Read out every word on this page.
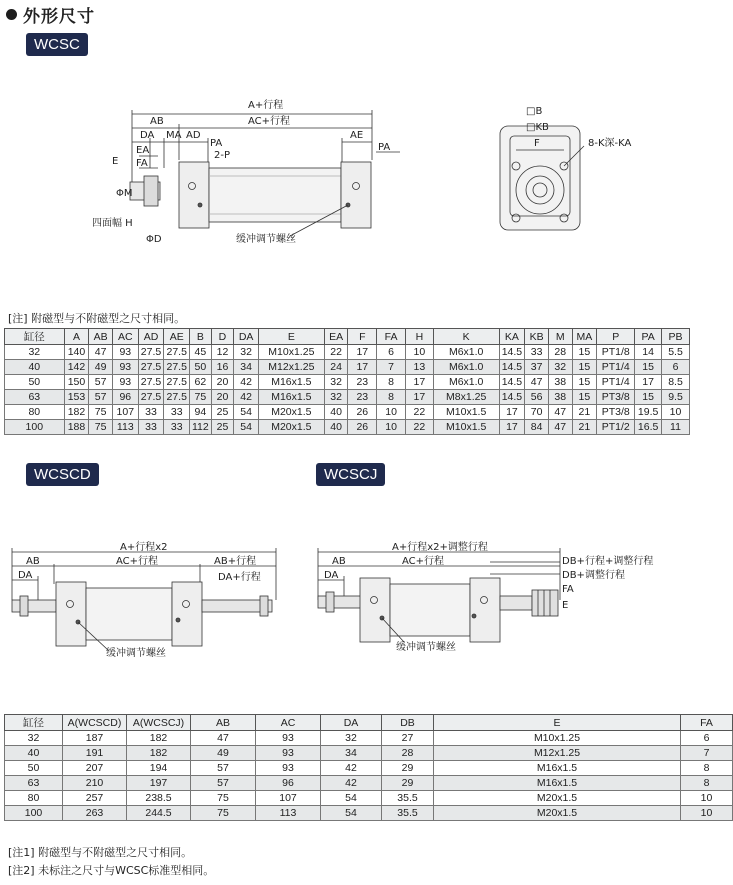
外形尺寸
WCSC
A+行程
AC+行程
AB
DA MA AD	AE
EA
FA
E
PA
2-P
PA
ΦM
ΦD
四面幅 H
缓冲调节螺丝
□B
□KB
F	8-K深-KA
[注] 附磁型与不附磁型之尺寸相同。
缸径	A	AB	AC	AD	AE	B	D	DA	E	EA	F	FA	H	K	KA	KB	M	MA	P	PA	PB
32	140	47	93	27.5	27.5	45	12	32	M10x1.25	22	17	6	10	M6x1.0	14.5	33	28	15	PT1/8	14	5.5
40	142	49	93	27.5	27.5	50	16	34	M12x1.25	24	17	7	13	M6x1.0	14.5	37	32	15	PT1/4	15	6
50	150	57	93	27.5	27.5	62	20	42	M16x1.5	32	23	8	17	M6x1.0	14.5	47	38	15	PT1/4	17	8.5
63	153	57	96	27.5	27.5	75	20	42	M16x1.5	32	23	8	17	M8x1.25	14.5	56	38	15	PT3/8	15	9.5
80	182	75	107	33	33	94	25	54	M20x1.5	40	26	10	22	M10x1.5	17	70	47	21	PT3/8	19.5	10
100	188	75	113	33	33	112	25	54	M20x1.5	40	26	10	22	M10x1.5	17	84	47	21	PT1/2	16.5	11
WCSCD	WCSCJ
A+行程x2
AC+行程
AB
DA
AB+行程
DA+行程
缓冲调节螺丝
A+行程x2+调整行程
AC+行程
AB
DA
DB+行程+调整行程
DB+调整行程
FA
E
缓冲调节螺丝
缸径	A(WCSCD)	A(WCSCJ)	AB	AC	DA	DB	E	FA
32	187	182	47	93	32	27	M10x1.25	6
40	191	182	49	93	34	28	M12x1.25	7
50	207	194	57	93	42	29	M16x1.5	8
63	210	197	57	96	42	29	M16x1.5	8
80	257	238.5	75	107	54	35.5	M20x1.5	10
100	263	244.5	75	113	54	35.5	M20x1.5	10
[注1] 附磁型与不附磁型之尺寸相同。
[注2] 未标注之尺寸与WCSC标准型相同。
